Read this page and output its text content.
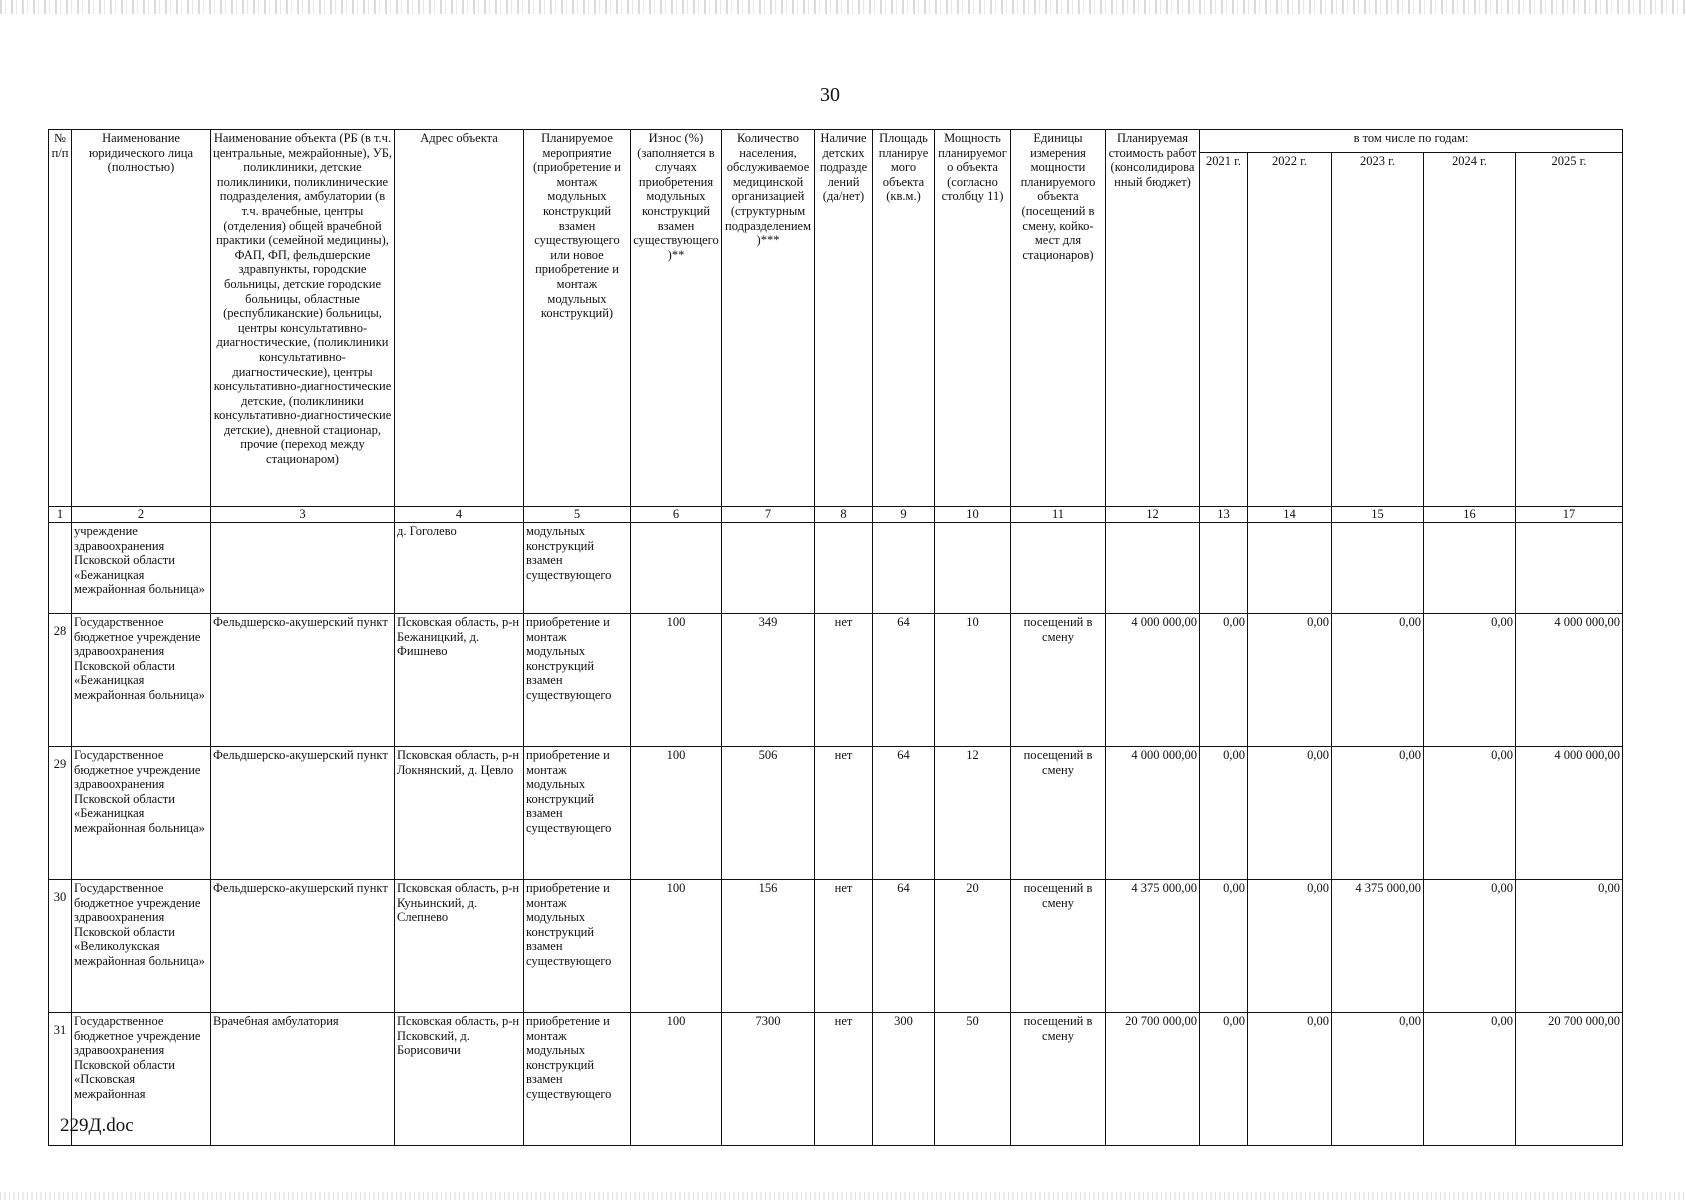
30
№ п/п	Наименование юридического лица (полностью)	Наименование объекта (РБ (в т.ч. центральные, межрайонные), УБ, поликлиники, детские поликлиники, поликлинические подразделения, амбулатории (в т.ч. врачебные, центры (отделения) общей врачебной практики (семейной медицины), ФАП, ФП, фельдшерские здравпункты, городские больницы, детские городские больницы, областные (республиканские) больницы, центры консультативно-диагностические, (поликлиники консультативно-диагностические), центры консультативно-диагностические детские, (поликлиники консультативно-диагностические детские), дневной стационар, прочие (переход между стационаром)	Адрес объекта	Планируемое мероприятие (приобретение и монтаж модульных конструкций взамен существующего или новое приобретение и монтаж модульных конструкций)	Износ (%) (заполняется в случаях приобретения модульных конструкций взамен существующего)**	Количество населения, обслуживаемое медицинской организацией (структурным подразделением)***	Наличие детских подразделений (да/нет)	Площадь планируемого объекта (кв.м.)	Мощность планируемого объекта (согласно столбцу 11)	Единицы измерения мощности планируемого объекта (посещений в смену, койко-мест для стационаров)	Планируемая стоимость работ (консолидированный бюджет)	в том числе по годам:				
												2021 г.	2022 г.	2023 г.	2024 г.	2025 г.
1	2	3	4	5	6	7	8	9	10	11	12	13	14	15	16	17
	учреждение здравоохранения Псковской области «Бежаницкая межрайонная больница»		д. Гоголево	модульных конструкций взамен существующего												
28	Государственное бюджетное учреждение здравоохранения Псковской области «Бежаницкая межрайонная больница»	Фельдшерско-акушерский пункт	Псковская область, р-н Бежаницкий, д. Фишнево	приобретение и монтаж модульных конструкций взамен существующего	100	349	нет	64	10	посещений в смену	4 000 000,00	0,00	0,00	0,00	0,00	4 000 000,00
29	Государственное бюджетное учреждение здравоохранения Псковской области «Бежаницкая межрайонная больница»	Фельдшерско-акушерский пункт	Псковская область, р-н Локнянский, д. Цевло	приобретение и монтаж модульных конструкций взамен существующего	100	506	нет	64	12	посещений в смену	4 000 000,00	0,00	0,00	0,00	0,00	4 000 000,00
30	Государственное бюджетное учреждение здравоохранения Псковской области «Великолукская межрайонная больница»	Фельдшерско-акушерский пункт	Псковская область, р-н Куньинский, д. Слепнево	приобретение и монтаж модульных конструкций взамен существующего	100	156	нет	64	20	посещений в смену	4 375 000,00	0,00	0,00	4 375 000,00	0,00	0,00
31	Государственное бюджетное учреждение здравоохранения Псковской области «Псковская межрайонная	Врачебная амбулатория	Псковская область, р-н Псковский, д. Борисовичи	приобретение и монтаж модульных конструкций взамен существующего	100	7300	нет	300	50	посещений в смену	20 700 000,00	0,00	0,00	0,00	0,00	20 700 000,00
229Д.doc
